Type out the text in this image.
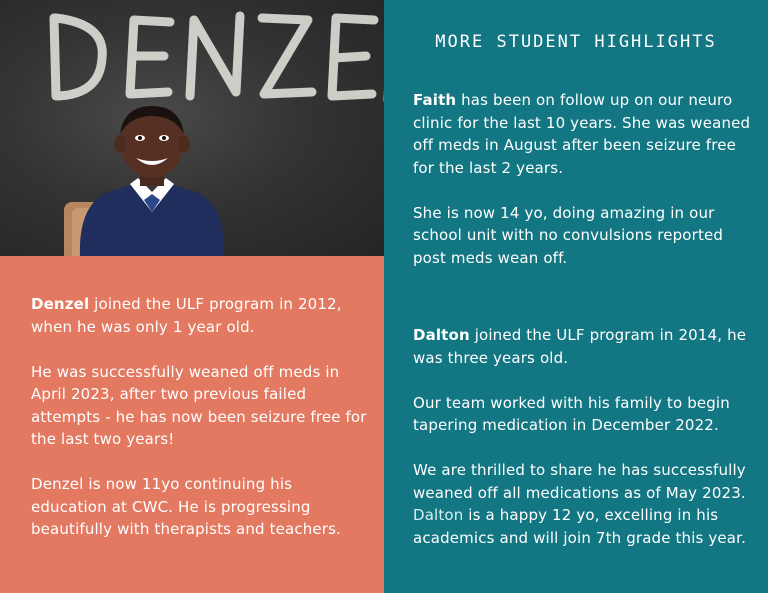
Denzel joined the ULF program in 2012, when he was only 1 year old.

He was successfully weaned off meds in April 2023, after two previous failed attempts - he has now been seizure free for the last two years!

Denzel is now 11yo continuing his education at CWC. He is progressing beautifully with therapists and teachers.

MORE STUDENT HIGHLIGHTS

Faith has been on follow up on our neuro clinic for the last 10 years. She was weaned off meds in August after been seizure free for the last 2 years.

She is now 14 yo, doing amazing in our school unit with no convulsions reported post meds wean off.

Dalton joined the ULF program in 2014, he was three years old.

Our team worked with his family to begin tapering medication in December 2022.

We are thrilled to share he has successfully weaned off all medications as of May 2023. Dalton is a happy 12 yo, excelling in his academics and will join 7th grade this year.
